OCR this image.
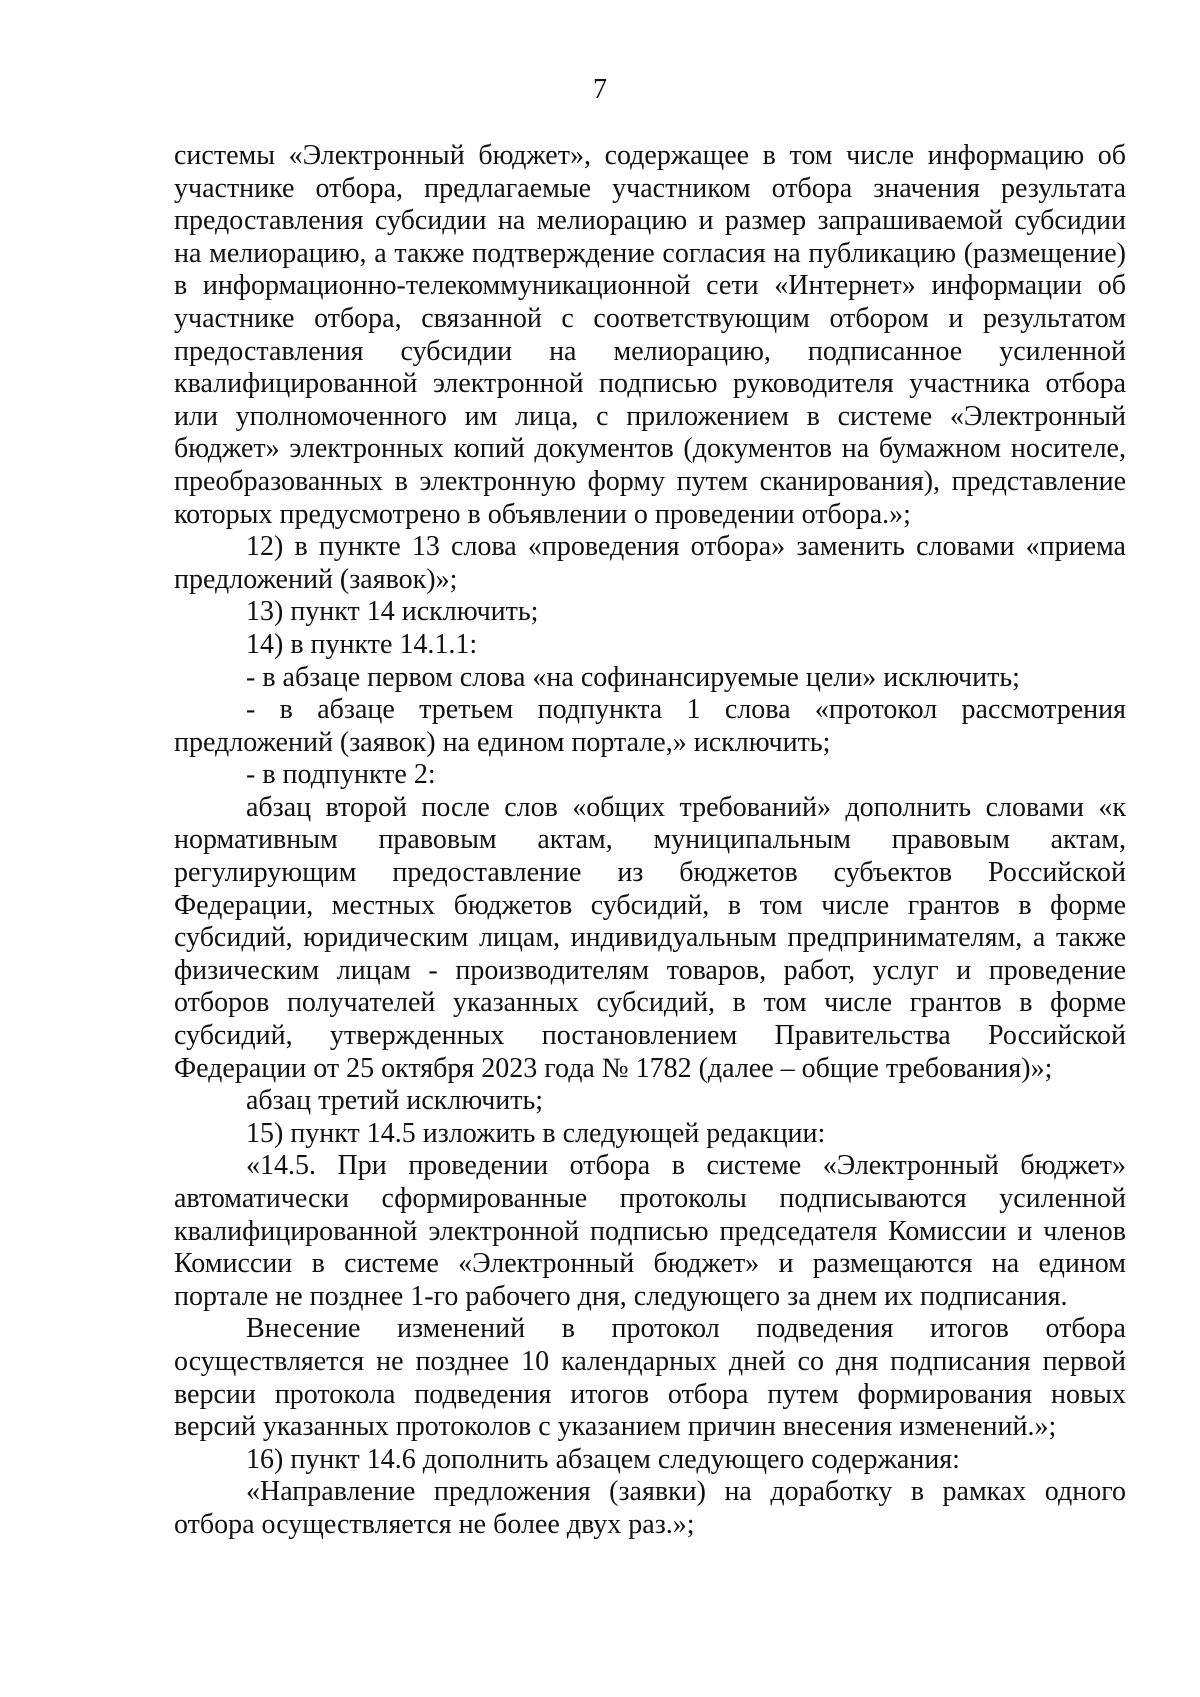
7

системы «Электронный бюджет», содержащее в том числе информацию об участнике отбора, предлагаемые участником отбора значения результата предоставления субсидии на мелиорацию и размер запрашиваемой субсидии на мелиорацию, а также подтверждение согласия на публикацию (размещение) в информационно-телекоммуникационной сети «Интернет» информации об участнике отбора, связанной с соответствующим отбором и результатом предоставления субсидии на мелиорацию, подписанное усиленной квалифицированной электронной подписью руководителя участника отбора или уполномоченного им лица, с приложением в системе «Электронный бюджет» электронных копий документов (документов на бумажном носителе, преобразованных в электронную форму путем сканирования), представление которых предусмотрено в объявлении о проведении отбора.»;

12) в пункте 13 слова «проведения отбора» заменить словами «приема предложений (заявок)»;

13) пункт 14 исключить;

14) в пункте 14.1.1:

- в абзаце первом слова «на софинансируемые цели» исключить;

- в абзаце третьем подпункта 1 слова «протокол рассмотрения предложений (заявок) на едином портале,» исключить;

- в подпункте 2:

абзац второй после слов «общих требований» дополнить словами «к нормативным правовым актам, муниципальным правовым актам, регулирующим предоставление из бюджетов субъектов Российской Федерации, местных бюджетов субсидий, в том числе грантов в форме субсидий, юридическим лицам, индивидуальным предпринимателям, а также физическим лицам - производителям товаров, работ, услуг и проведение отборов получателей указанных субсидий, в том числе грантов в форме субсидий, утвержденных постановлением Правительства Российской Федерации от 25 октября 2023 года № 1782 (далее – общие требования)»;

абзац третий исключить;

15) пункт 14.5 изложить в следующей редакции:

«14.5. При проведении отбора в системе «Электронный бюджет» автоматически сформированные протоколы подписываются усиленной квалифицированной электронной подписью председателя Комиссии и членов Комиссии в системе «Электронный бюджет» и размещаются на едином портале не позднее 1-го рабочего дня, следующего за днем их подписания.

Внесение изменений в протокол подведения итогов отбора осуществляется не позднее 10 календарных дней со дня подписания первой версии протокола подведения итогов отбора путем формирования новых версий указанных протоколов с указанием причин внесения изменений.»;

16) пункт 14.6 дополнить абзацем следующего содержания:

«Направление предложения (заявки) на доработку в рамках одного отбора осуществляется не более двух раз.»;
